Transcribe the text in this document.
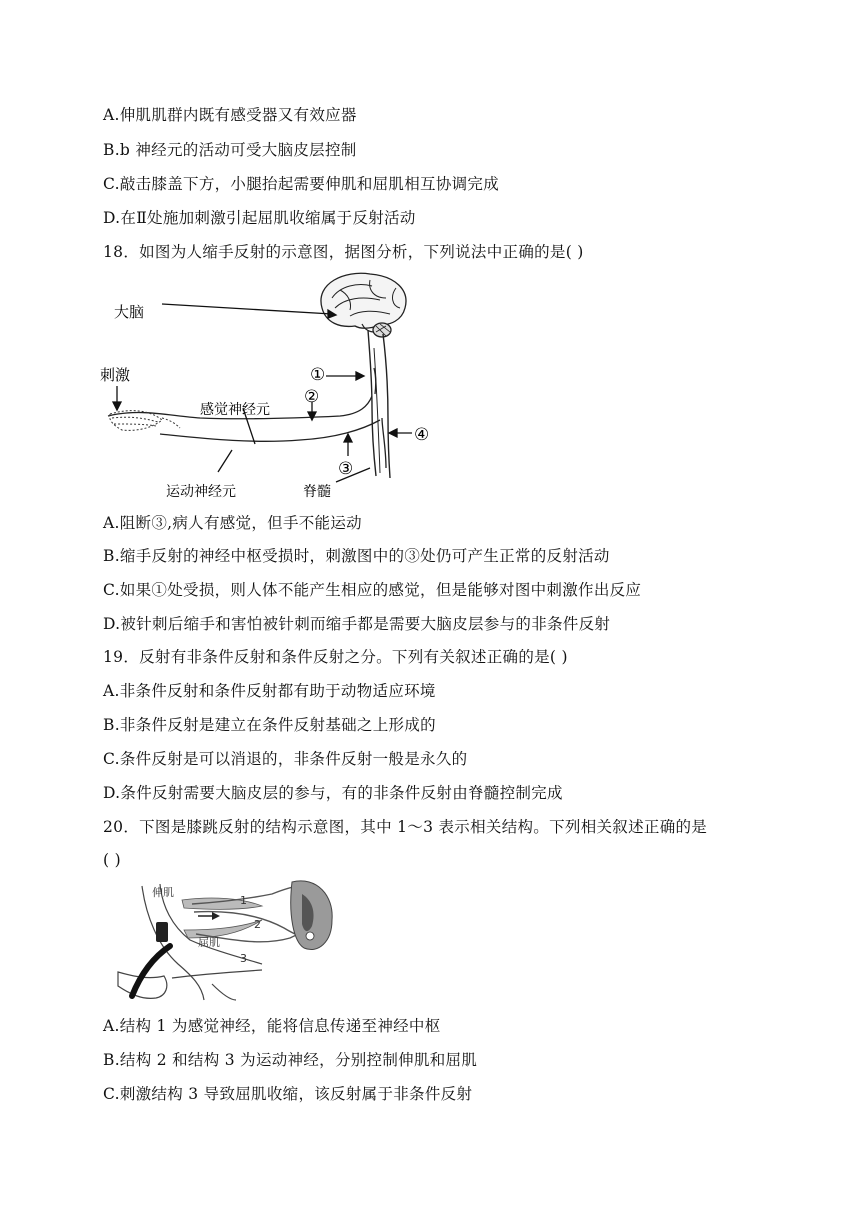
A.伸肌肌群内既有感受器又有效应器
B.b 神经元的活动可受大脑皮层控制
C.敲击膝盖下方，小腿抬起需要伸肌和屈肌相互协调完成
D.在Ⅱ处施加刺激引起屈肌收缩属于反射活动
18．如图为人缩手反射的示意图，据图分析，下列说法中正确的是( )
大脑
刺激
感觉神经元
运动神经元	脊髓
①
②
③
④
A.阻断③,病人有感觉，但手不能运动
B.缩手反射的神经中枢受损时，刺激图中的③处仍可产生正常的反射活动
C.如果①处受损，则人体不能产生相应的感觉，但是能够对图中刺激作出反应
D.被针刺后缩手和害怕被针刺而缩手都是需要大脑皮层参与的非条件反射
19．反射有非条件反射和条件反射之分。下列有关叙述正确的是( )
A.非条件反射和条件反射都有助于动物适应环境
B.非条件反射是建立在条件反射基础之上形成的
C.条件反射是可以消退的，非条件反射一般是永久的
D.条件反射需要大脑皮层的参与，有的非条件反射由脊髓控制完成
20．下图是膝跳反射的结构示意图，其中 1～3 表示相关结构。下列相关叙述正确的是
( )
伸肌
屈肌
1
2
3
A.结构 1 为感觉神经，能将信息传递至神经中枢
B.结构 2 和结构 3 为运动神经，分别控制伸肌和屈肌
C.刺激结构 3 导致屈肌收缩，该反射属于非条件反射
